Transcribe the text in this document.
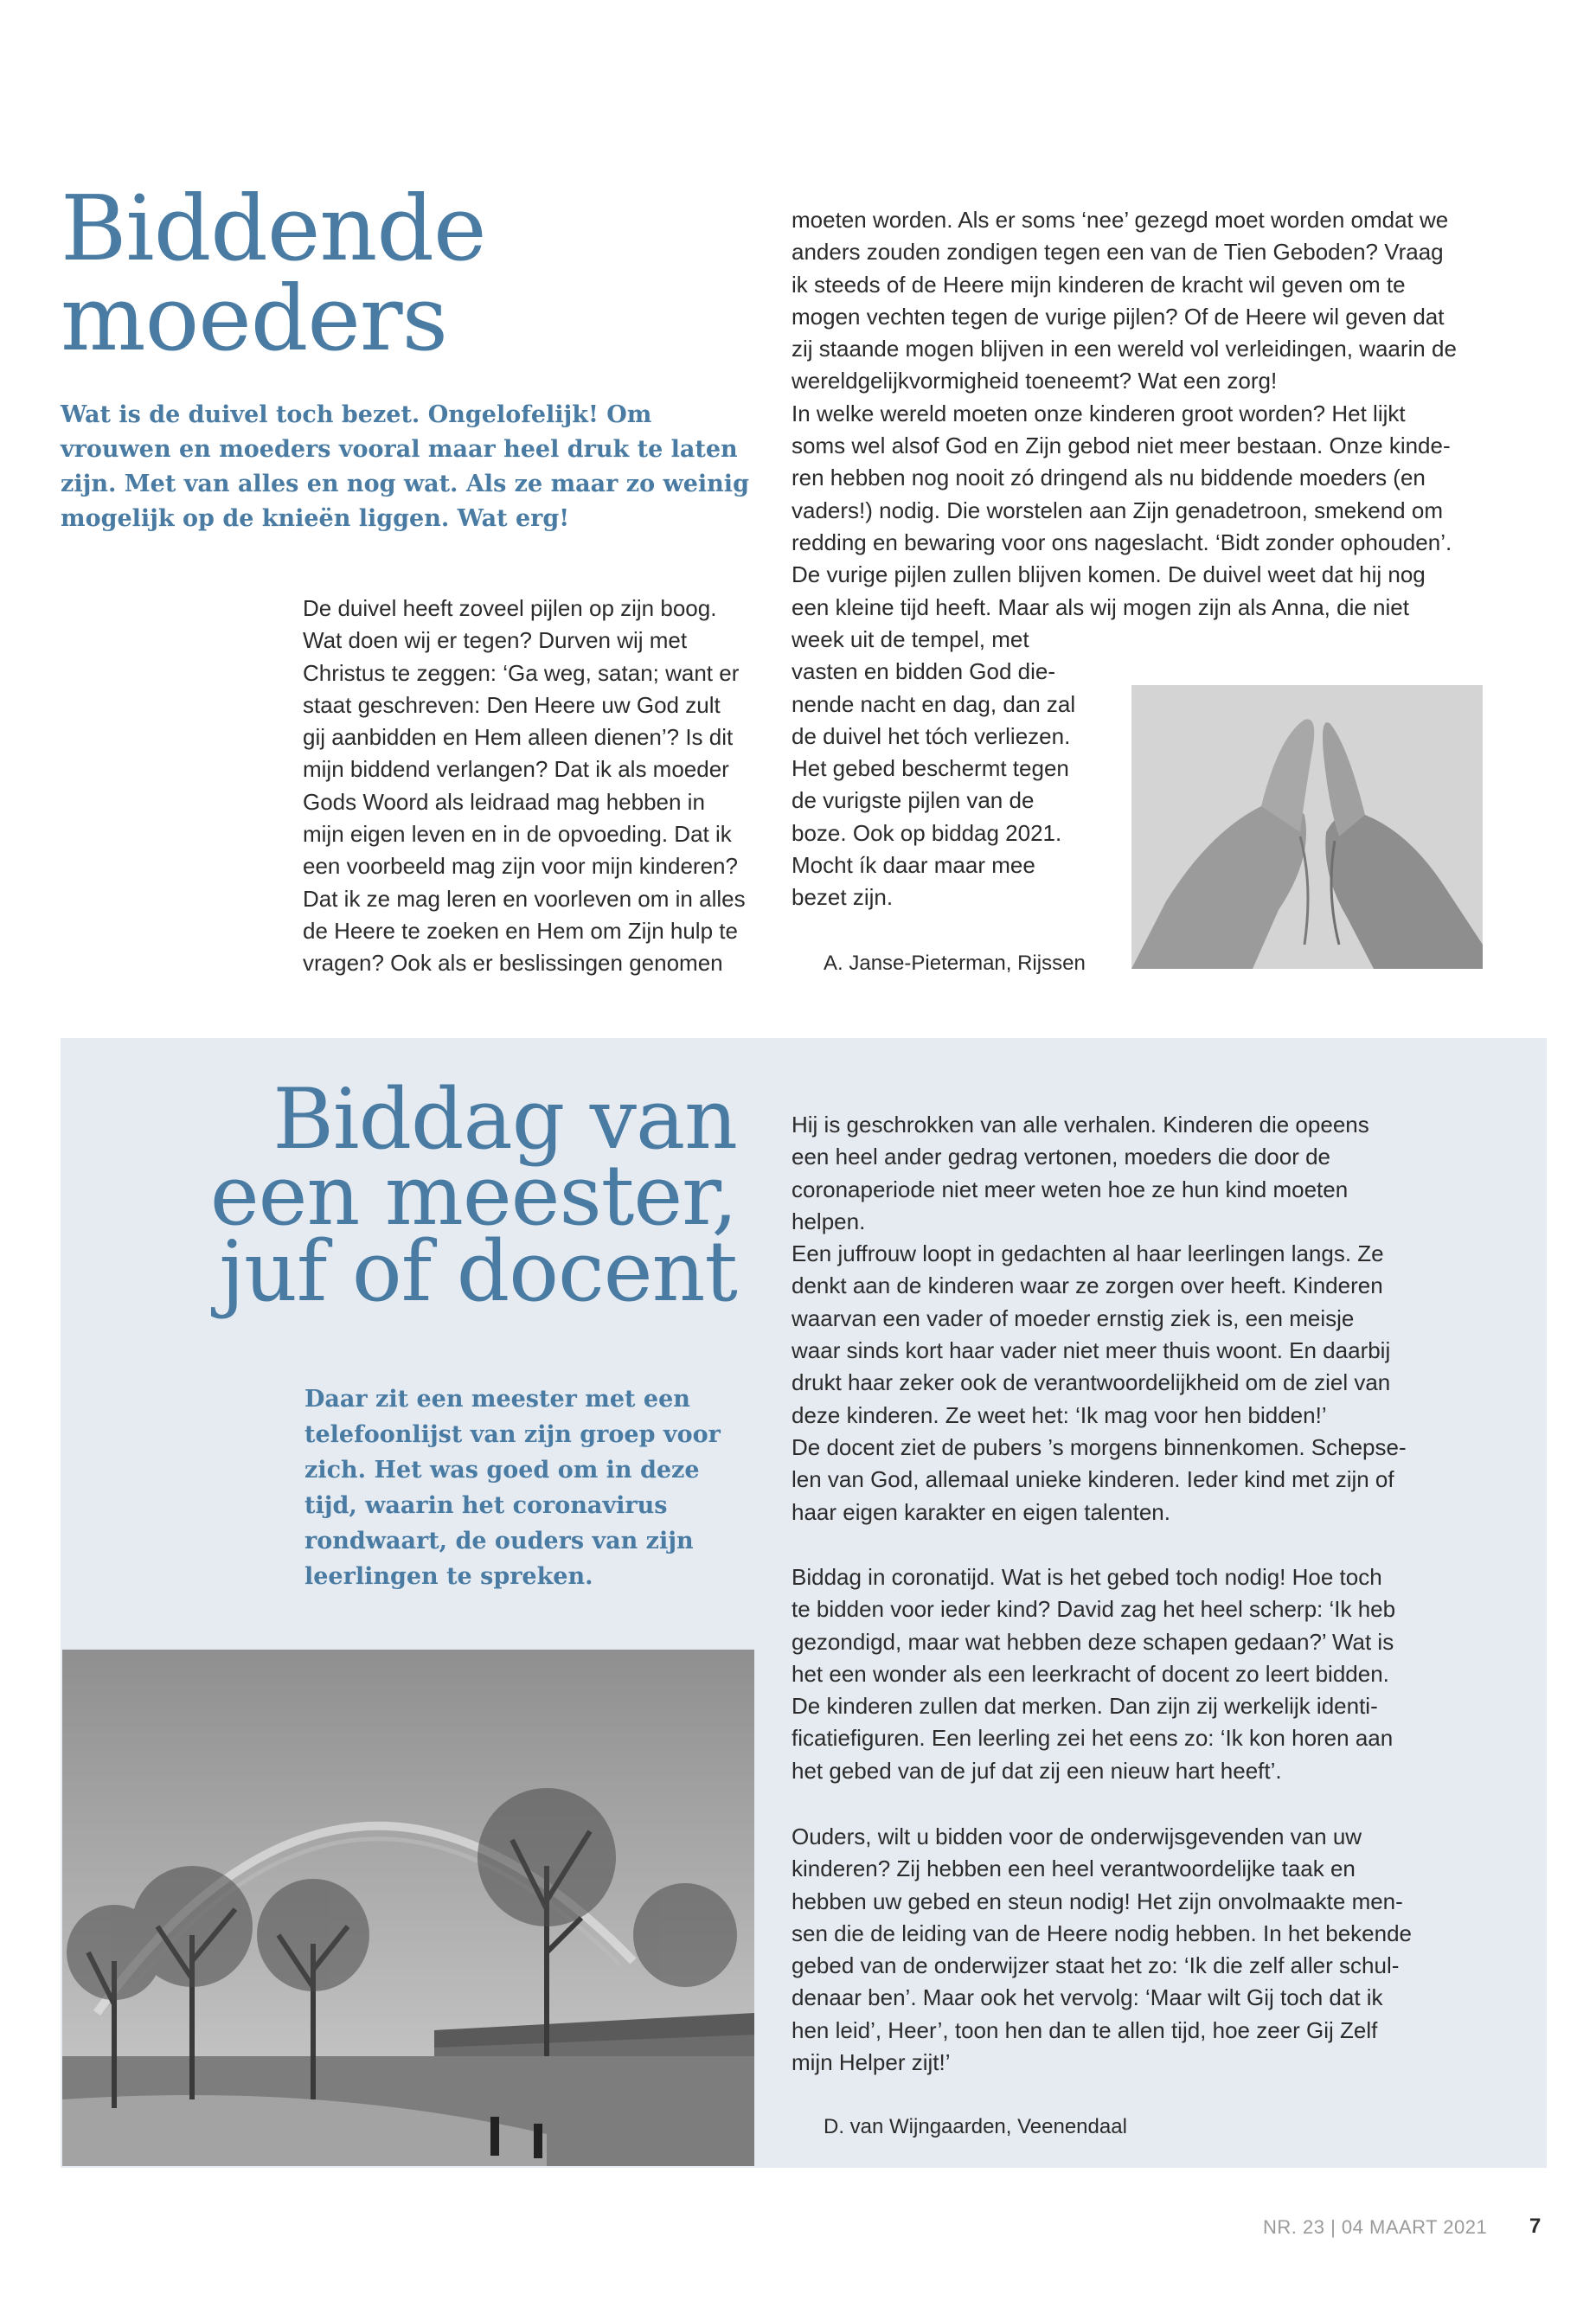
Biddende
moeders

Wat is de duivel toch bezet. Ongelofelijk! Om vrouwen en moeders vooral maar heel druk te laten zijn. Met van alles en nog wat. Als ze maar zo weinig mogelijk op de knieën liggen. Wat erg!

De duivel heeft zoveel pijlen op zijn boog.
Wat doen wij er tegen? Durven wij met
Christus te zeggen: ‘Ga weg, satan; want er
staat geschreven: Den Heere uw God zult
gij aanbidden en Hem alleen dienen’? Is dit
mijn biddend verlangen? Dat ik als moeder
Gods Woord als leidraad mag hebben in
mijn eigen leven en in de opvoeding. Dat ik
een voorbeeld mag zijn voor mijn kinderen?
Dat ik ze mag leren en voorleven om in alles
de Heere te zoeken en Hem om Zijn hulp te
vragen? Ook als er beslissingen genomen

moeten worden. Als er soms ‘nee’ gezegd moet worden omdat we
anders zouden zondigen tegen een van de Tien Geboden? Vraag
ik steeds of de Heere mijn kinderen de kracht wil geven om te
mogen vechten tegen de vurige pijlen? Of de Heere wil geven dat
zij staande mogen blijven in een wereld vol verleidingen, waarin de
wereldgelijkvormigheid toeneemt? Wat een zorg!
In welke wereld moeten onze kinderen groot worden? Het lijkt
soms wel alsof God en Zijn gebod niet meer bestaan. Onze kinde-
ren hebben nog nooit zó dringend als nu biddende moeders (en
vaders!) nodig. Die worstelen aan Zijn genadetroon, smekend om
redding en bewaring voor ons nageslacht. ‘Bidt zonder ophouden’.
De vurige pijlen zullen blijven komen. De duivel weet dat hij nog
een kleine tijd heeft. Maar als wij mogen zijn als Anna, die niet

week uit de tempel, met
vasten en bidden God die-
nende nacht en dag, dan zal
de duivel het tóch verliezen.
Het gebed beschermt tegen
de vurigste pijlen van de
boze. Ook op biddag 2021.
Mocht ík daar maar mee
bezet zijn.

A. Janse-Pieterman, Rijssen
Biddag van
een meester,
juf of docent

Daar zit een meester met een telefoonlijst van zijn groep voor zich. Het was goed om in deze tijd, waarin het coronavirus rondwaart, de ouders van zijn leerlingen te spreken.

Hij is geschrokken van alle verhalen. Kinderen die opeens
een heel ander gedrag vertonen, moeders die door de
coronaperiode niet meer weten hoe ze hun kind moeten
helpen.
Een juffrouw loopt in gedachten al haar leerlingen langs. Ze
denkt aan de kinderen waar ze zorgen over heeft. Kinderen
waarvan een vader of moeder ernstig ziek is, een meisje
waar sinds kort haar vader niet meer thuis woont. En daarbij
drukt haar zeker ook de verantwoordelijkheid om de ziel van
deze kinderen. Ze weet het: ‘Ik mag voor hen bidden!’
De docent ziet de pubers ’s morgens binnenkomen. Schepse-
len van God, allemaal unieke kinderen. Ieder kind met zijn of
haar eigen karakter en eigen talenten.

Biddag in coronatijd. Wat is het gebed toch nodig! Hoe toch
te bidden voor ieder kind? David zag het heel scherp: ‘Ik heb
gezondigd, maar wat hebben deze schapen gedaan?’ Wat is
het een wonder als een leerkracht of docent zo leert bidden.
De kinderen zullen dat merken. Dan zijn zij werkelijk identi-
ficatiefiguren. Een leerling zei het eens zo: ‘Ik kon horen aan
het gebed van de juf dat zij een nieuw hart heeft’.

Ouders, wilt u bidden voor de onderwijsgevenden van uw
kinderen? Zij hebben een heel verantwoordelijke taak en
hebben uw gebed en steun nodig! Het zijn onvolmaakte men-
sen die de leiding van de Heere nodig hebben. In het bekende
gebed van de onderwijzer staat het zo: ‘Ik die zelf aller schul-
denaar ben’. Maar ook het vervolg: ‘Maar wilt Gij toch dat ik
hen leid’, Heer’, toon hen dan te allen tijd, hoe zeer Gij Zelf
mijn Helper zijt!’

D. van Wijngaarden, Veenendaal
NR. 23 | 04 MAART 2021 7
